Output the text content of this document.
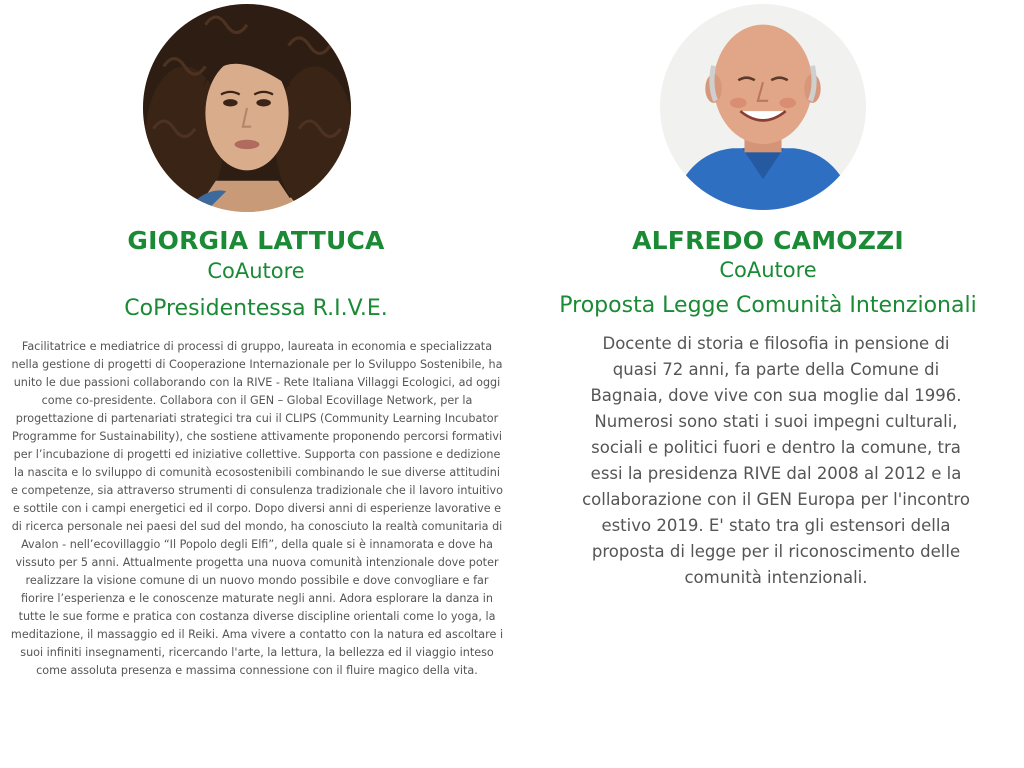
GIORGIA LATTUCA
CoAutore
CoPresidentessa R.I.V.E.

Facilitatrice e mediatrice di processi di gruppo, laureata in economia e specializzata nella gestione di progetti di Cooperazione Internazionale per lo Sviluppo Sostenibile, ha unito le due passioni collaborando con la RIVE - Rete Italiana Villaggi Ecologici, ad oggi come co-presidente. Collabora con il GEN – Global Ecovillage Network, per la progettazione di partenariati strategici tra cui il CLIPS (Community Learning Incubator Programme for Sustainability), che sostiene attivamente proponendo percorsi formativi per l’incubazione di progetti ed iniziative collettive. Supporta con passione e dedizione la nascita e lo sviluppo di comunità ecosostenibili combinando le sue diverse attitudini e competenze, sia attraverso strumenti di consulenza tradizionale che il lavoro intuitivo e sottile con i campi energetici ed il corpo. Dopo diversi anni di esperienze lavorative e di ricerca personale nei paesi del sud del mondo, ha conosciuto la realtà comunitaria di Avalon - nell’ecovillaggio “Il Popolo degli Elfi”, della quale si è innamorata e dove ha vissuto per 5 anni. Attualmente progetta una nuova comunità intenzionale dove poter realizzare la visione comune di un nuovo mondo possibile e dove convogliare e far fiorire l’esperienza e le conoscenze maturate negli anni. Adora esplorare la danza in tutte le sue forme e pratica con costanza diverse discipline orientali come lo yoga, la meditazione, il massaggio ed il Reiki. Ama vivere a contatto con la natura ed ascoltare i suoi infiniti insegnamenti, ricercando l'arte, la lettura, la bellezza ed il viaggio inteso come assoluta presenza e massima connessione con il fluire magico della vita.

ALFREDO CAMOZZI
CoAutore
Proposta Legge Comunità Intenzionali

Docente di storia e filosofia in pensione di quasi 72 anni, fa parte della Comune di Bagnaia, dove vive con sua moglie dal 1996. Numerosi sono stati i suoi impegni culturali, sociali e politici fuori e dentro la comune, tra essi la presidenza RIVE dal 2008 al 2012 e la collaborazione con il GEN Europa per l'incontro estivo 2019. E' stato tra gli estensori della proposta di legge per il riconoscimento delle comunità intenzionali.
